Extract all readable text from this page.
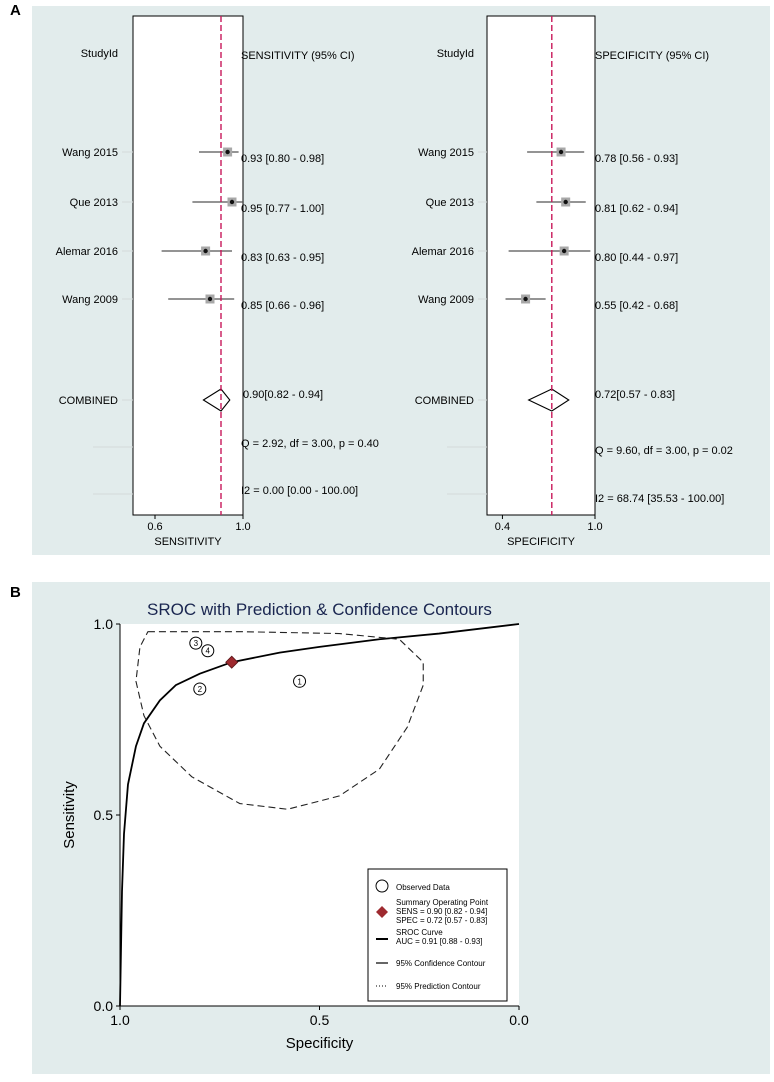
A
StudyId	SENSITIVITY (95% CI)
Wang 2015	0.93 [0.80 - 0.98]
Que 2013	0.95 [0.77 - 1.00]
Alemar 2016	0.83 [0.63 - 0.95]
Wang 2009	0.85 [0.66 - 0.96]
COMBINED	0.90[0.82 - 0.94]
Q = 2.92, df = 3.00, p = 0.40
I2 = 0.00 [0.00 - 100.00]
0.6	1.0
SENSITIVITY
StudyId	SPECIFICITY (95% CI)
Wang 2015	0.78 [0.56 - 0.93]
Que 2013	0.81 [0.62 - 0.94]
Alemar 2016	0.80 [0.44 - 0.97]
Wang 2009	0.55 [0.42 - 0.68]
COMBINED	0.72[0.57 - 0.83]
Q = 9.60, df = 3.00, p = 0.02
I2 = 68.74 [35.53 - 100.00]
0.4	1.0
SPECIFICITY
B
SROC with Prediction & Confidence Contours
0.0
0.5
1.0
1.0	0.5	0.0
Specificity
Sensitivity
1
2
3
4
Observed Data
Summary Operating Point
SENS = 0.90 [0.82 - 0.94]
SPEC = 0.72 [0.57 - 0.83]
SROC Curve
AUC = 0.91 [0.88 - 0.93]
95% Confidence Contour
95% Prediction Contour
